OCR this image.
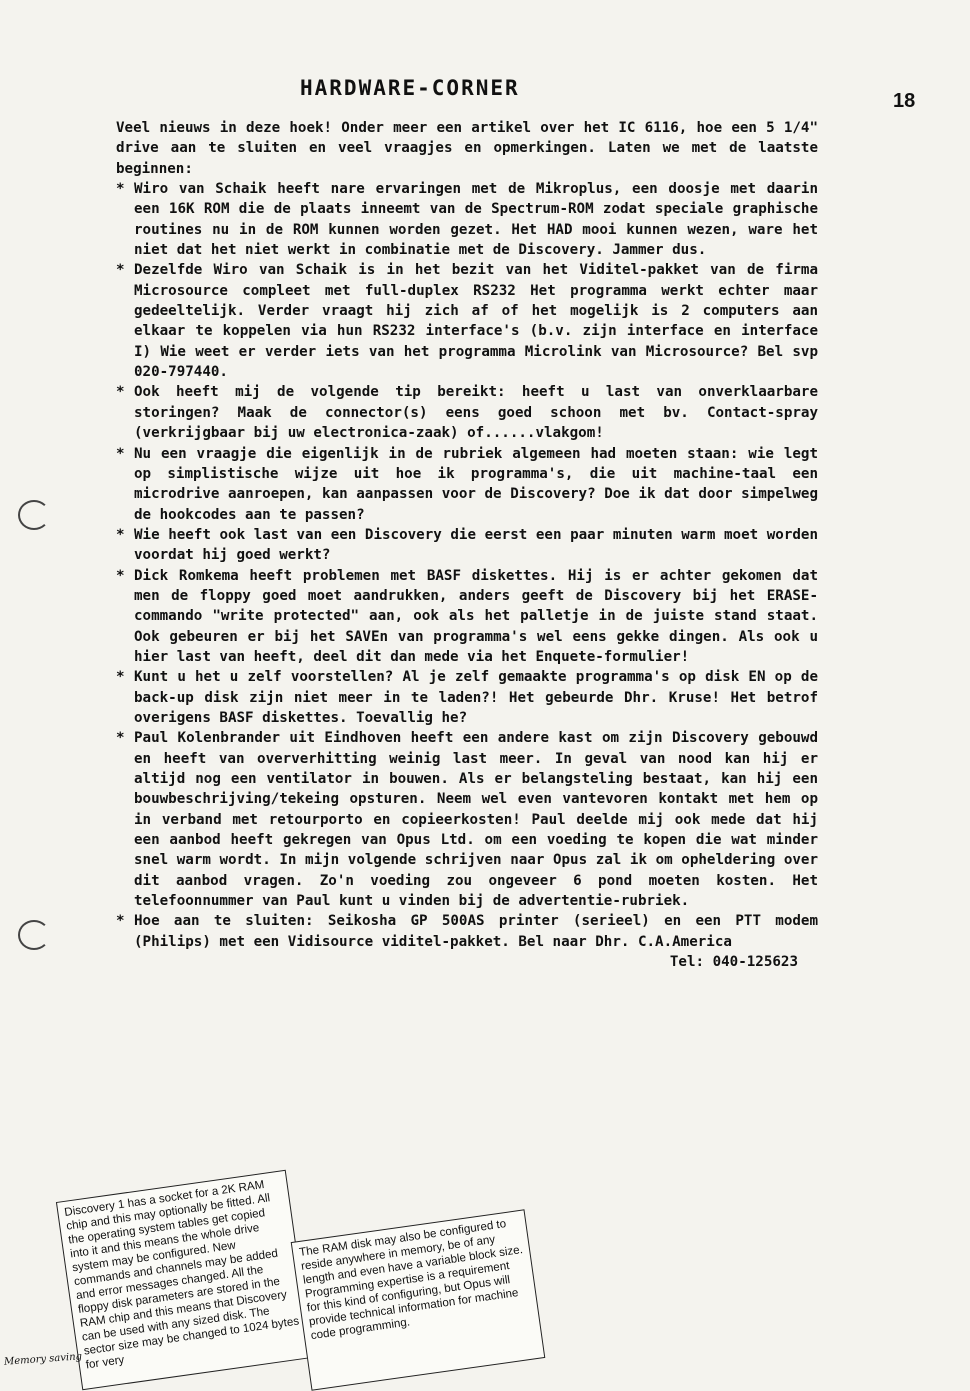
HARDWARE-CORNER
18

Veel nieuws in deze hoek! Onder meer een artikel over het IC 6116, hoe een 5 1/4" drive aan te sluiten en veel vraagjes en opmerkingen. Laten we met de laatste beginnen:

* Wiro van Schaik heeft nare ervaringen met de Mikroplus, een doosje met daarin een 16K ROM die de plaats inneemt van de Spectrum-ROM zodat speciale graphische routines nu in de ROM kunnen worden gezet. Het HAD mooi kunnen wezen, ware het niet dat het niet werkt in combinatie met de Discovery. Jammer dus.

* Dezelfde Wiro van Schaik is in het bezit van het Viditel-pakket van de firma Microsource compleet met full-duplex RS232 Het programma werkt echter maar gedeeltelijk. Verder vraagt hij zich af of het mogelijk is 2 computers aan elkaar te koppelen via hun RS232 interface's (b.v. zijn interface en interface I) Wie weet er verder iets van het programma Microlink van Microsource? Bel svp 020-797440.

* Ook heeft mij de volgende tip bereikt: heeft u last van onverklaarbare storingen? Maak de connector(s) eens goed schoon met bv. Contact-spray (verkrijgbaar bij uw electronica-zaak) of......vlakgom!

* Nu een vraagje die eigenlijk in de rubriek algemeen had moeten staan: wie legt op simplistische wijze uit hoe ik programma's, die uit machine-taal een microdrive aanroepen, kan aanpassen voor de Discovery? Doe ik dat door simpelweg de hookcodes aan te passen?

* Wie heeft ook last van een Discovery die eerst een paar minuten warm moet worden voordat hij goed werkt?

* Dick Romkema heeft problemen met BASF diskettes. Hij is er achter gekomen dat men de floppy goed moet aandrukken, anders geeft de Discovery bij het ERASE-commando "write protected" aan, ook als het palletje in de juiste stand staat. Ook gebeuren er bij het SAVEn van programma's wel eens gekke dingen. Als ook u hier last van heeft, deel dit dan mede via het Enquete-formulier!

* Kunt u het u zelf voorstellen? Al je zelf gemaakte programma's op disk EN op de back-up disk zijn niet meer in te laden?! Het gebeurde Dhr. Kruse! Het betrof overigens BASF diskettes. Toevallig he?

* Paul Kolenbrander uit Eindhoven heeft een andere kast om zijn Discovery gebouwd en heeft van oververhitting weinig last meer. In geval van nood kan hij er altijd nog een ventilator in bouwen. Als er belangsteling bestaat, kan hij een bouwbeschrijving/tekeing opsturen. Neem wel even vantevoren kontakt met hem op in verband met retourporto en copieerkosten! Paul deelde mij ook mede dat hij een aanbod heeft gekregen van Opus Ltd. om een voeding te kopen die wat minder snel warm wordt. In mijn volgende schrijven naar Opus zal ik om opheldering over dit aanbod vragen. Zo'n voeding zou ongeveer 6 pond moeten kosten. Het telefoonnummer van Paul kunt u vinden bij de advertentie-rubriek.

* Hoe aan te sluiten: Seikosha GP 500AS printer (serieel) en een PTT modem (Philips) met een Vidisource viditel-pakket. Bel naar Dhr. C.A.America

Tel: 040-125623

Discovery 1 has a socket for a 2K RAM chip and this may optionally be fitted. All the operating system tables get copied into it and this means the whole drive system may be configured. New commands and channels may be added and error messages changed. All the floppy disk parameters are stored in the RAM chip and this means that Discovery can be used with any sized disk. The sector size may be changed to 1024 bytes for very
The RAM disk may also be configured to reside anywhere in memory, be of any length and even have a variable block size. Programming expertise is a requirement for this kind of configuring, but Opus will provide technical information for machine code programming.
Memory saving
